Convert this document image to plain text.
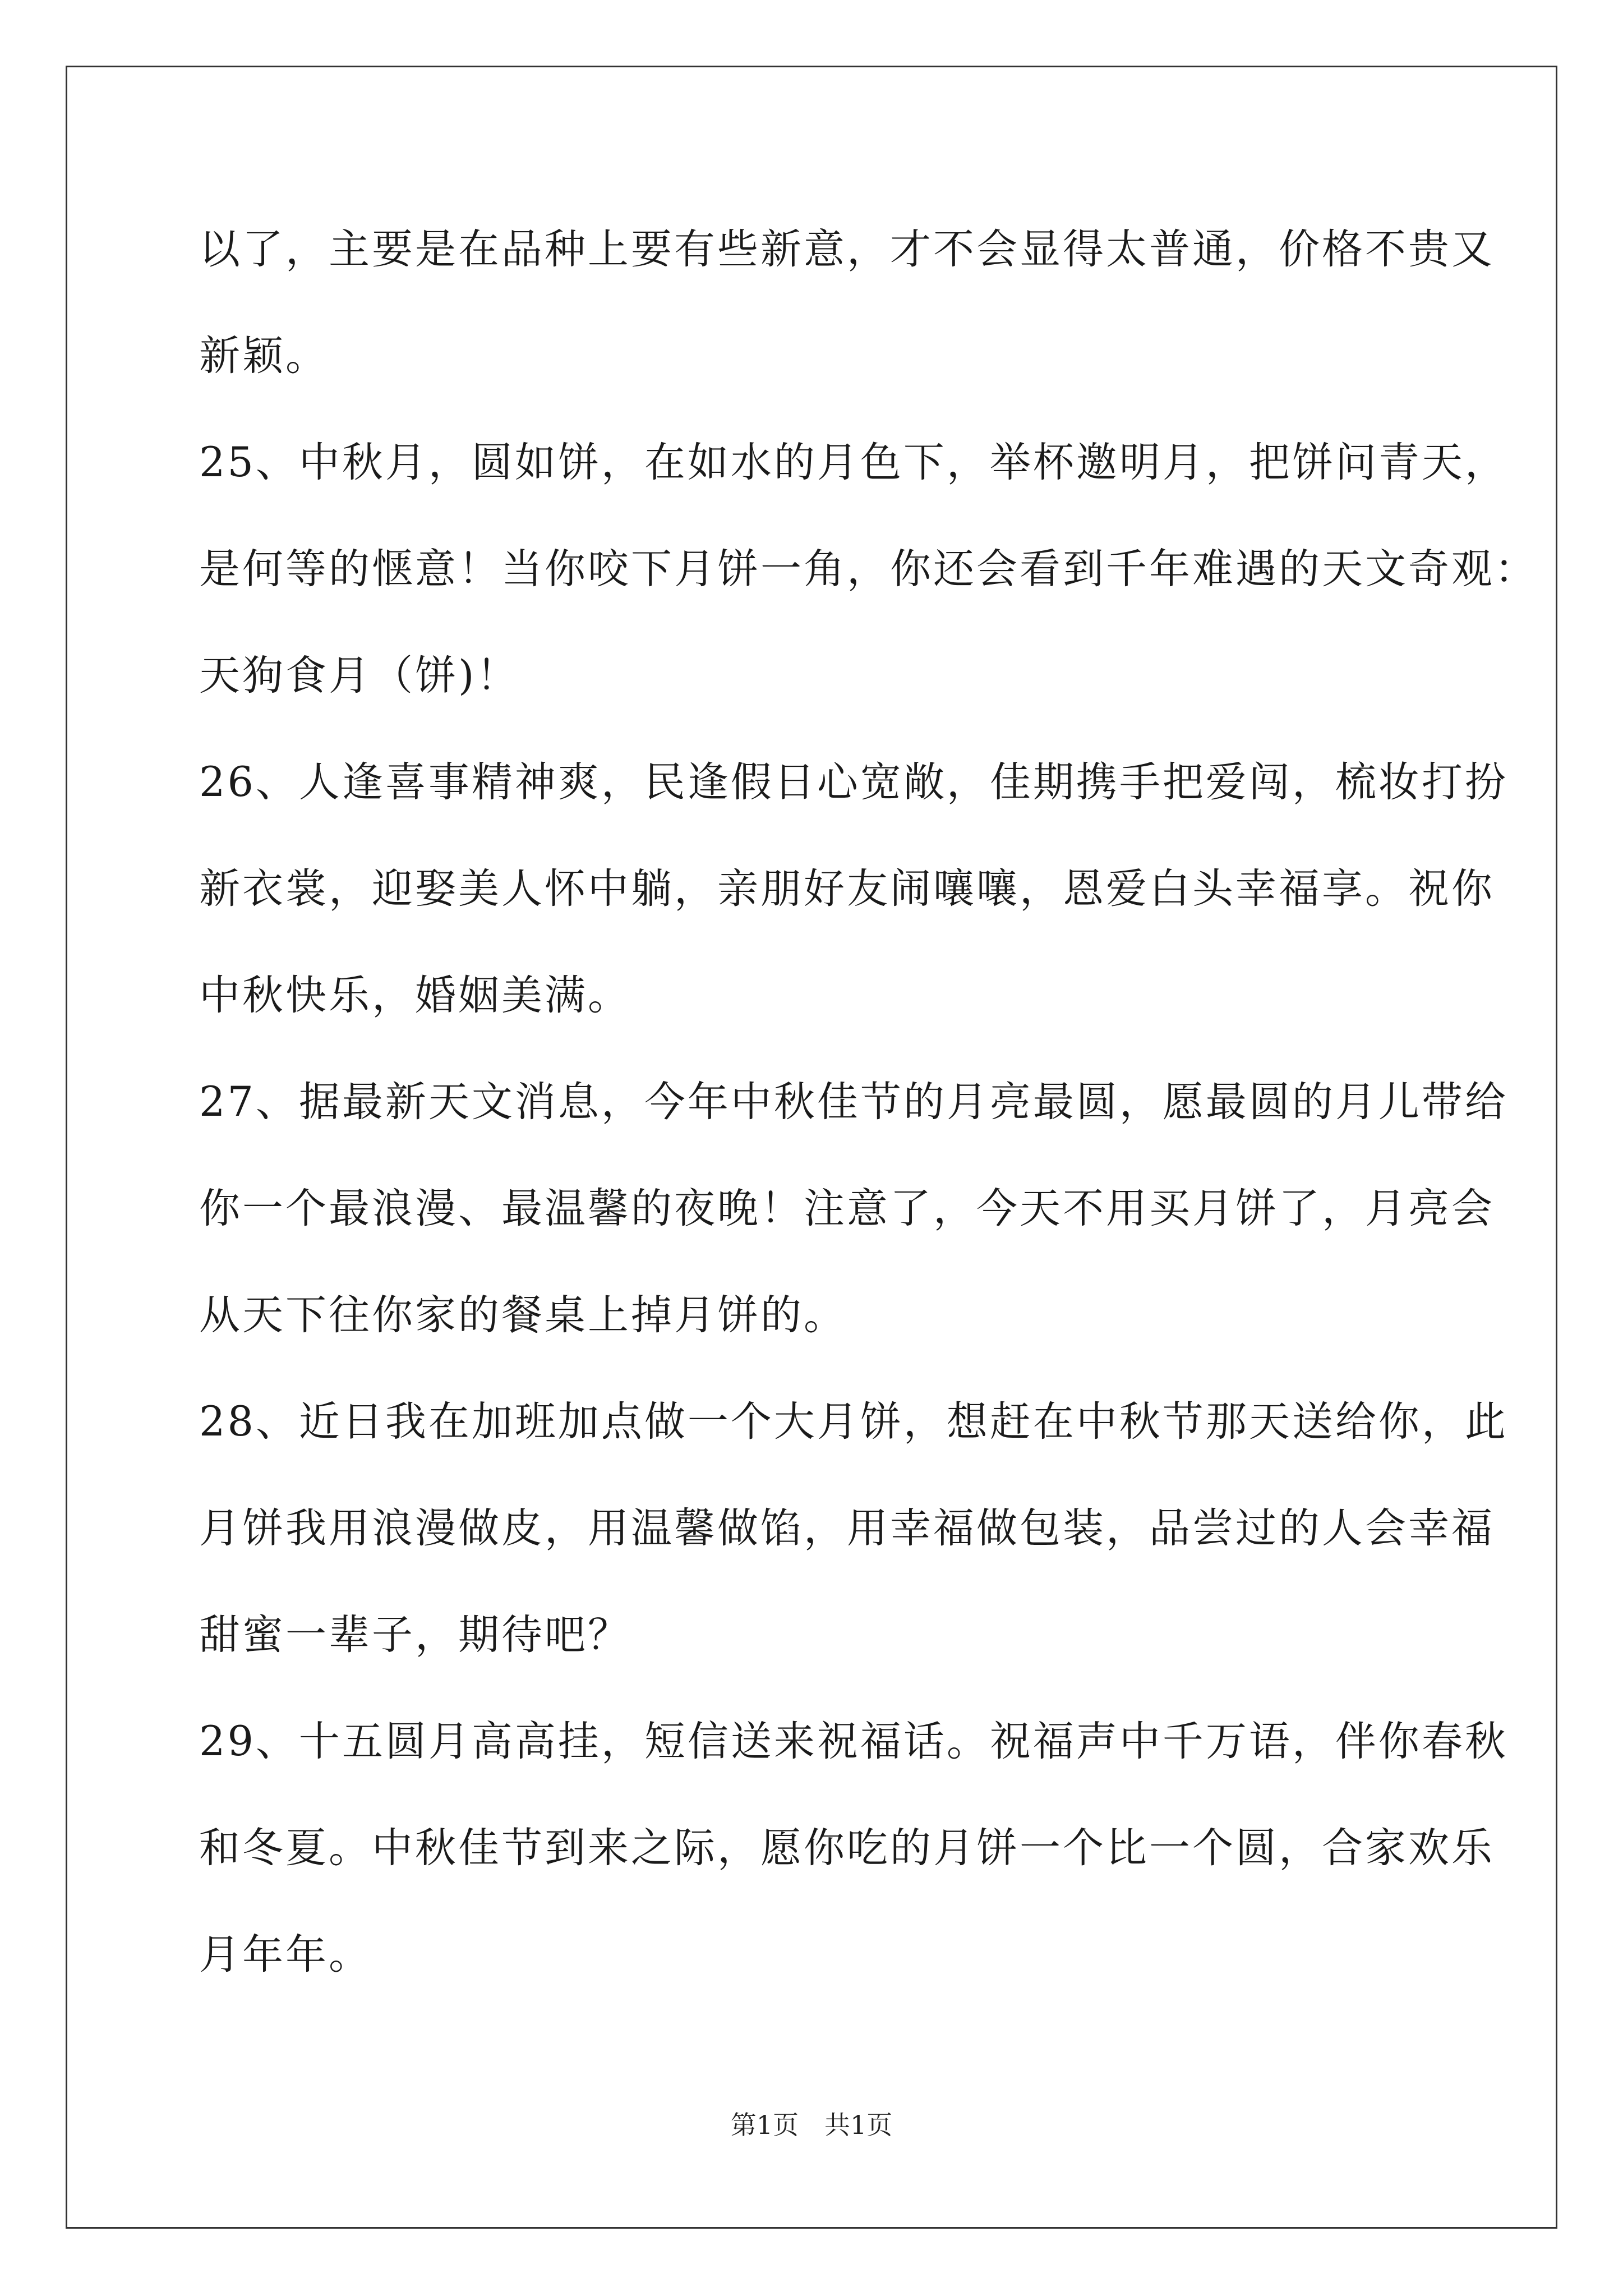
以了，主要是在品种上要有些新意，才不会显得太普通，价格不贵又
新颖。
25、中秋月，圆如饼，在如水的月色下，举杯邀明月，把饼问青天，
是何等的惬意！当你咬下月饼一角，你还会看到千年难遇的天文奇观：
天狗食月（饼)！
26、人逢喜事精神爽，民逢假日心宽敞，佳期携手把爱闯，梳妆打扮
新衣裳，迎娶美人怀中躺，亲朋好友闹嚷嚷，恩爱白头幸福享。祝你
中秋快乐，婚姻美满。
27、据最新天文消息，今年中秋佳节的月亮最圆，愿最圆的月儿带给
你一个最浪漫、最温馨的夜晚！注意了，今天不用买月饼了，月亮会
从天下往你家的餐桌上掉月饼的。
28、近日我在加班加点做一个大月饼，想赶在中秋节那天送给你，此
月饼我用浪漫做皮，用温馨做馅，用幸福做包装，品尝过的人会幸福
甜蜜一辈子，期待吧？
29、十五圆月高高挂，短信送来祝福话。祝福声中千万语，伴你春秋
和冬夏。中秋佳节到来之际，愿你吃的月饼一个比一个圆，合家欢乐
月年年。
第1页 共1页
